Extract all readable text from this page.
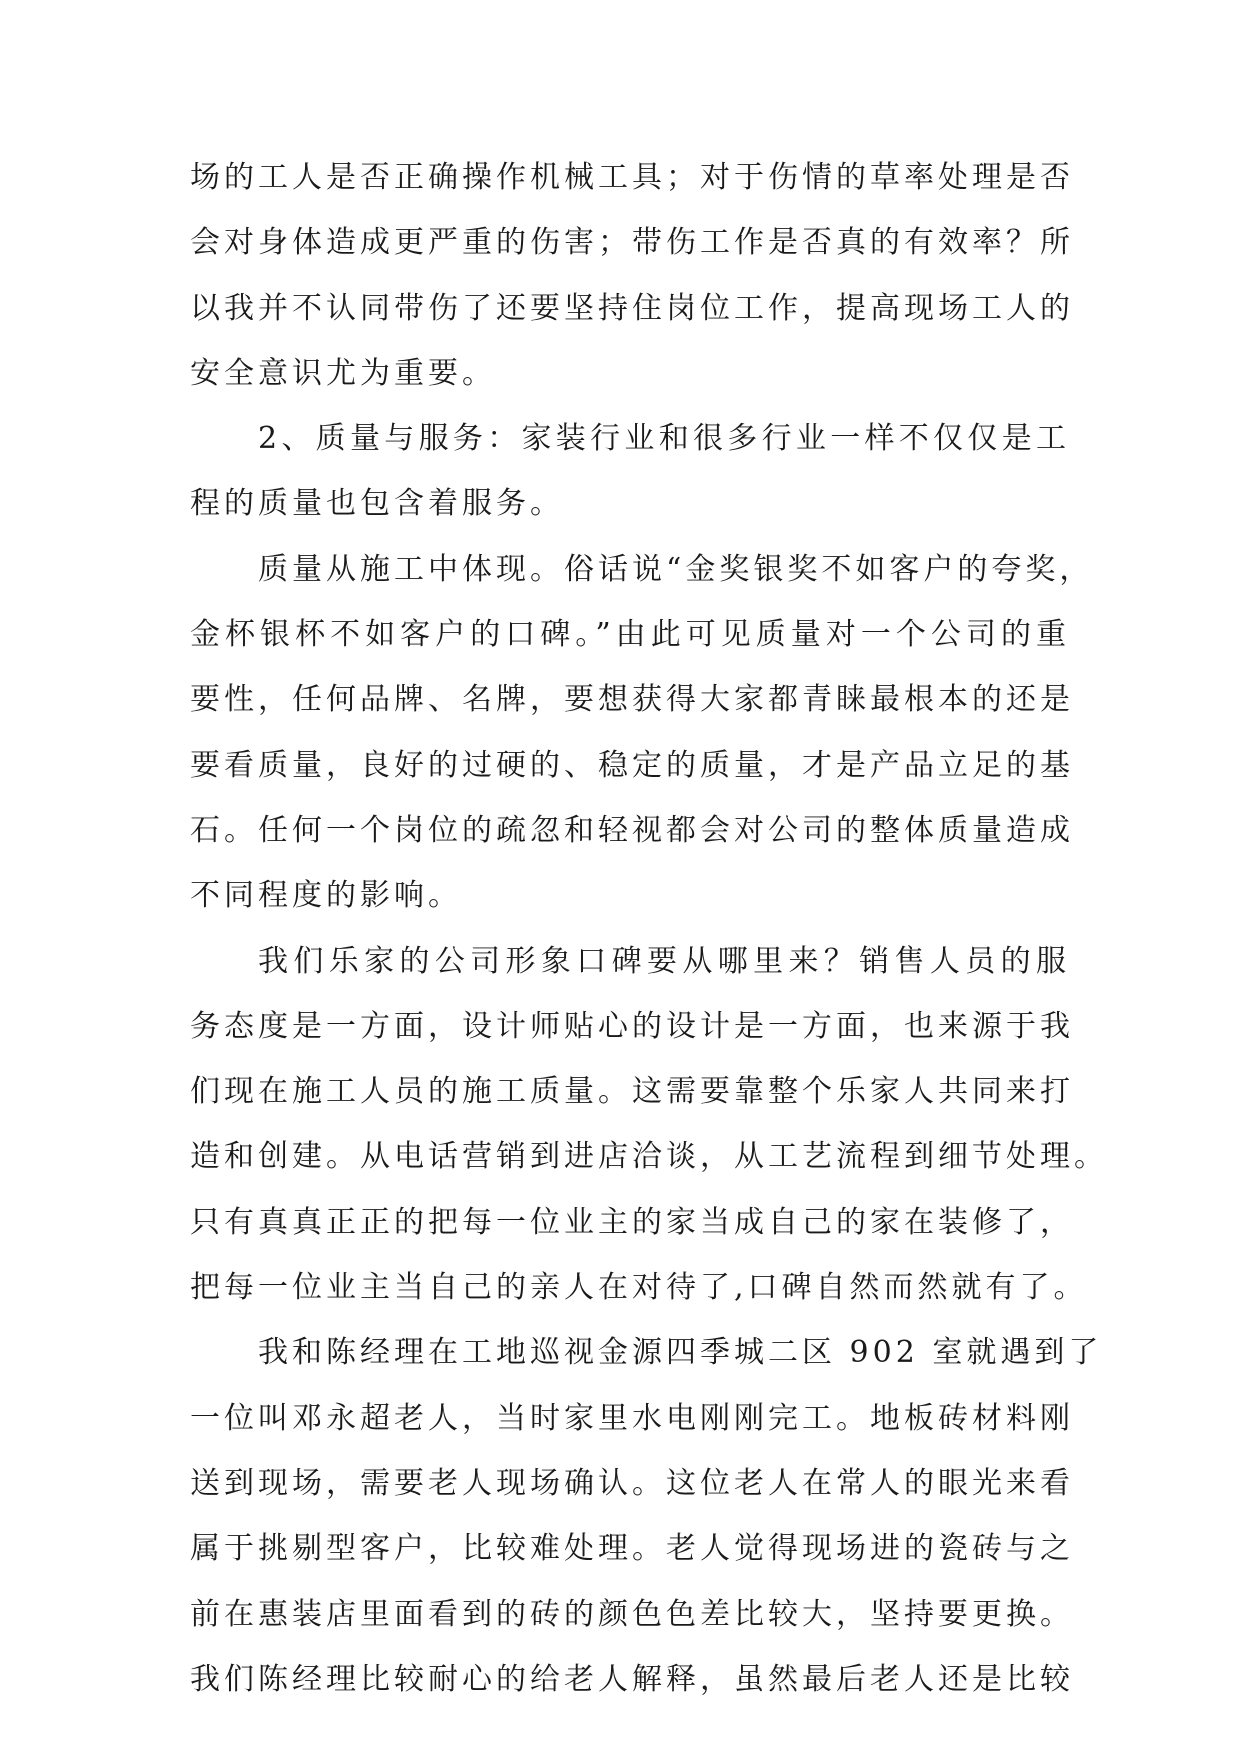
场的工人是否正确操作机械工具；对于伤情的草率处理是否
会对身体造成更严重的伤害；带伤工作是否真的有效率？所
以我并不认同带伤了还要坚持住岗位工作，提高现场工人的
安全意识尤为重要。
2、质量与服务：家装行业和很多行业一样不仅仅是工
程的质量也包含着服务。
质量从施工中体现。俗话说“金奖银奖不如客户的夸奖，
金杯银杯不如客户的口碑。”由此可见质量对一个公司的重
要性，任何品牌、名牌，要想获得大家都青睐最根本的还是
要看质量，良好的过硬的、稳定的质量，才是产品立足的基
石。任何一个岗位的疏忽和轻视都会对公司的整体质量造成
不同程度的影响。
我们乐家的公司形象口碑要从哪里来？销售人员的服
务态度是一方面，设计师贴心的设计是一方面，也来源于我
们现在施工人员的施工质量。这需要靠整个乐家人共同来打
造和创建。从电话营销到进店洽谈，从工艺流程到细节处理。
只有真真正正的把每一位业主的家当成自己的家在装修了，
把每一位业主当自己的亲人在对待了,口碑自然而然就有了。
我和陈经理在工地巡视金源四季城二区 902 室就遇到了
一位叫邓永超老人，当时家里水电刚刚完工。地板砖材料刚
送到现场，需要老人现场确认。这位老人在常人的眼光来看
属于挑剔型客户，比较难处理。老人觉得现场进的瓷砖与之
前在惠装店里面看到的砖的颜色色差比较大，坚持要更换。
我们陈经理比较耐心的给老人解释，虽然最后老人还是比较
